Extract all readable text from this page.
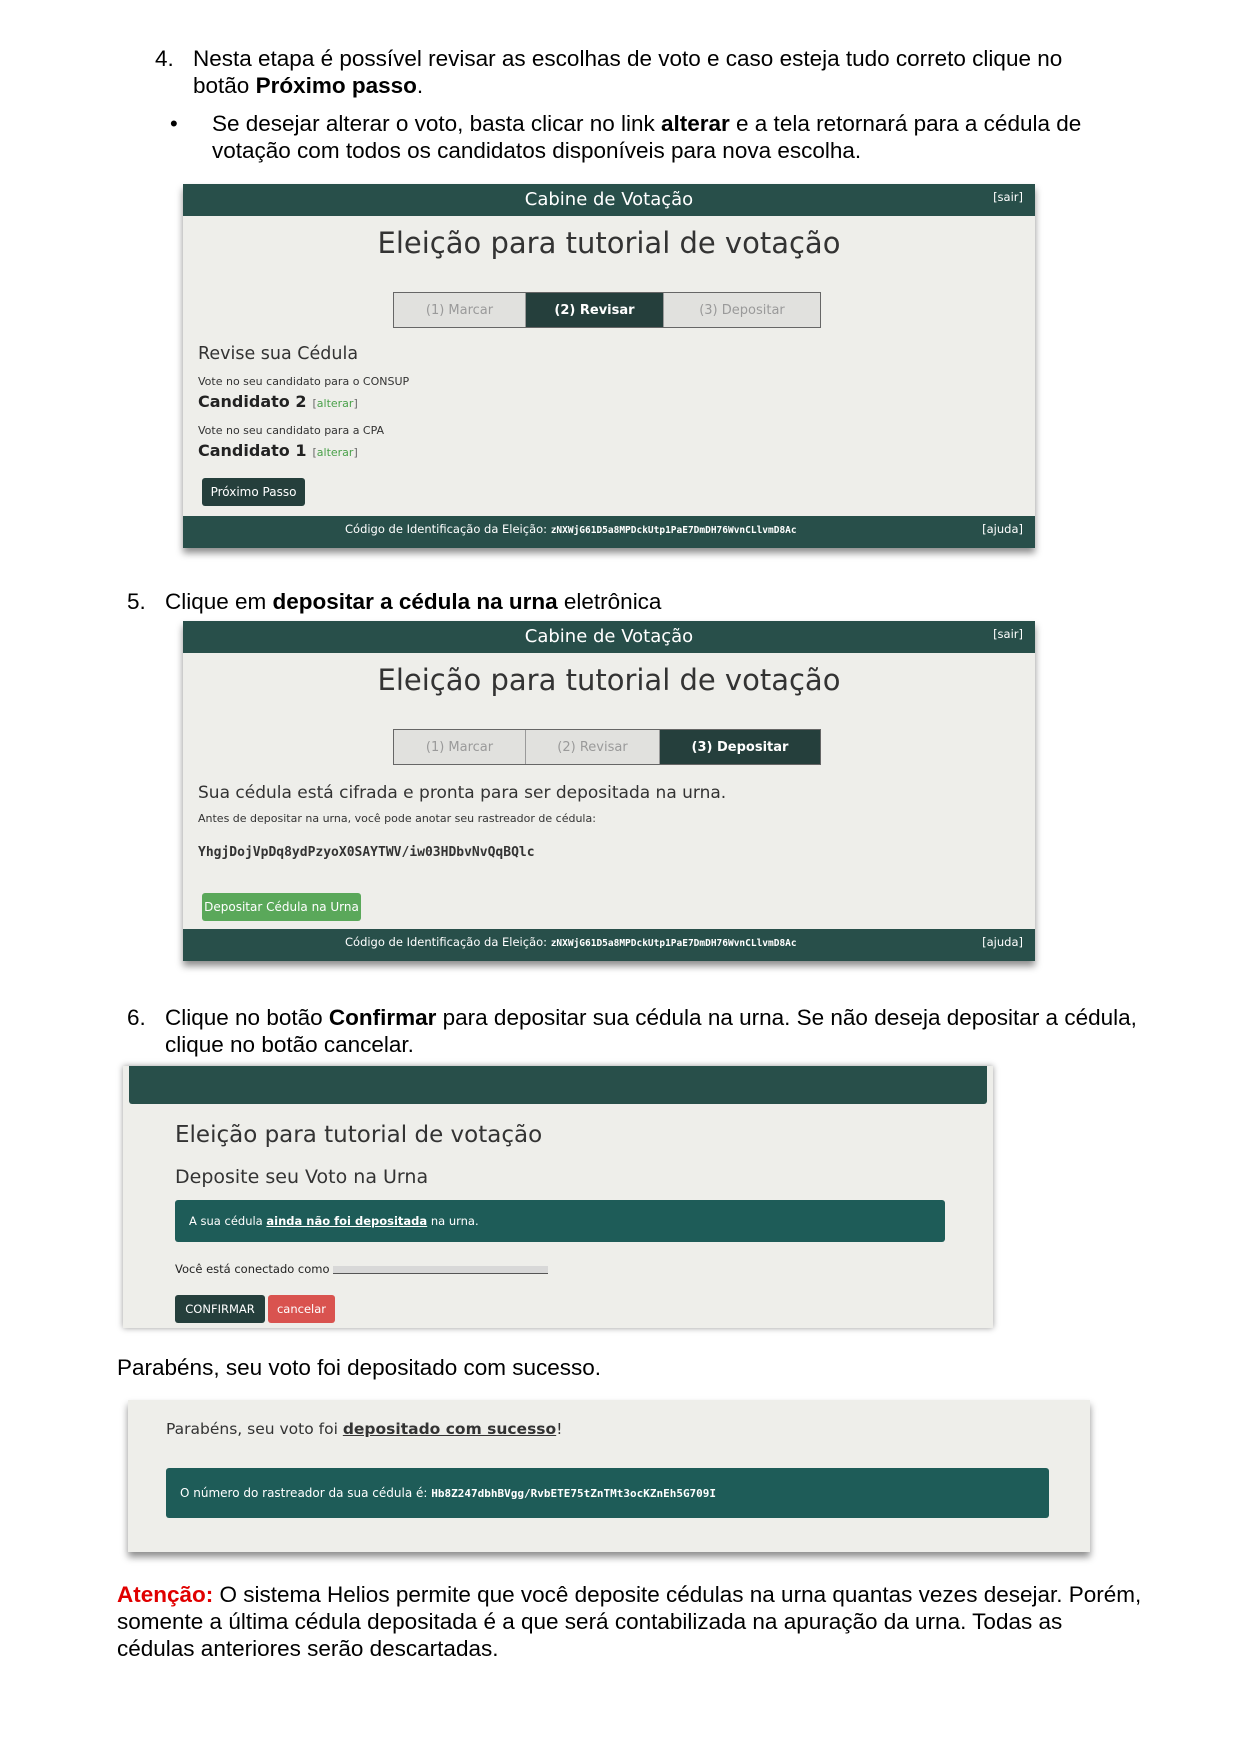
4. Nesta etapa é possível revisar as escolhas de voto e caso esteja tudo correto clique no
botão Próximo passo.
• Se desejar alterar o voto, basta clicar no link alterar e a tela retornará para a cédula de
votação com todos os candidatos disponíveis para nova escolha.
Cabine de Votação	[sair]
Eleição para tutorial de votação
(1) Marcar	(2) Revisar	(3) Depositar
Revise sua Cédula
Vote no seu candidato para o CONSUP
Candidato 2 [alterar]
Vote no seu candidato para a CPA
Candidato 1 [alterar]
Próximo Passo
Código de Identificação da Eleição: zNXWjG61D5a8MPDckUtp1PaE7DmDH76WvnCLlvmD8Ac	[ajuda]
5. Clique em depositar a cédula na urna eletrônica
Cabine de Votação	[sair]
Eleição para tutorial de votação
(1) Marcar	(2) Revisar	(3) Depositar
Sua cédula está cifrada e pronta para ser depositada na urna.
Antes de depositar na urna, você pode anotar seu rastreador de cédula:
YhgjDojVpDq8ydPzyoX0SAYTWV/iw03HDbvNvQqBQlc
Depositar Cédula na Urna
Código de Identificação da Eleição: zNXWjG61D5a8MPDckUtp1PaE7DmDH76WvnCLlvmD8Ac	[ajuda]
6. Clique no botão Confirmar para depositar sua cédula na urna. Se não deseja depositar a cédula,
clique no botão cancelar.
Eleição para tutorial de votação
Deposite seu Voto na Urna
A sua cédula ainda não foi depositada na urna.
Você está conectado como
CONFIRMAR	cancelar
Parabéns, seu voto foi depositado com sucesso.
Parabéns, seu voto foi depositado com sucesso!
O número do rastreador da sua cédula é: Hb8Z247dbhBVgg/RvbETE75tZnTMt3ocKZnEh5G709I
Atenção: O sistema Helios permite que você deposite cédulas na urna quantas vezes desejar. Porém,
somente a última cédula depositada é a que será contabilizada na apuração da urna. Todas as
cédulas anteriores serão descartadas.
